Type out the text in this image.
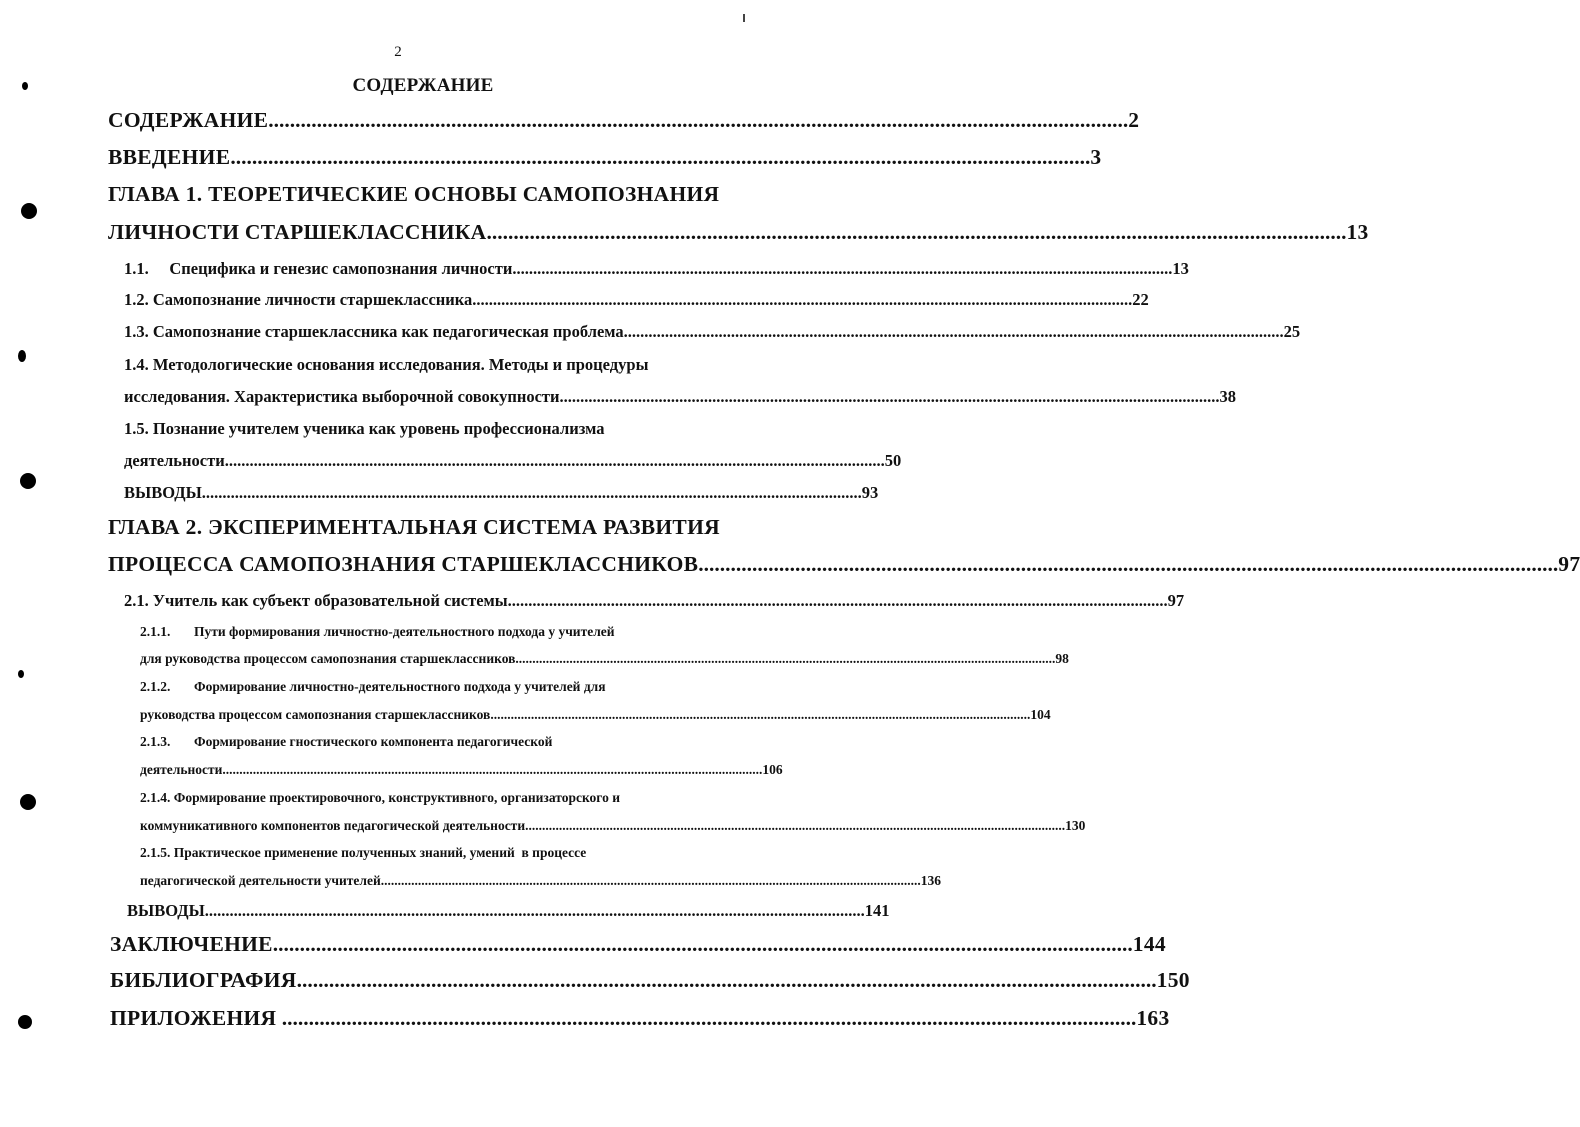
2
СОДЕРЖАНИЕ
СОДЕРЖАНИЕ ................................................................................................................................................................ 2
ВВЕДЕНИЕ ................................................................................................................................................................ 3
ГЛАВА 1. ТЕОРЕТИЧЕСКИЕ ОСНОВЫ САМОПОЗНАНИЯ
ЛИЧНОСТИ СТАРШЕКЛАССНИКА ................................................................................................................................................................ 13
1.1.     Специфика и генезис самопознания личности ................................................................................................................................................................ 13
1.2. Самопознание личности старшеклассника ................................................................................................................................................................ 22
1.3. Самопознание старшеклассника как педагогическая проблема ................................................................................................................................................................ 25
1.4. Методологические основания исследования. Методы и процедуры
исследования. Характеристика выборочной совокупности ................................................................................................................................................................ 38
1.5. Познание учителем ученика как уровень профессионализма
деятельности ................................................................................................................................................................ 50
ВЫВОДЫ ................................................................................................................................................................ 93
ГЛАВА 2. ЭКСПЕРИМЕНТАЛЬНАЯ СИСТЕМА РАЗВИТИЯ
ПРОЦЕССА САМОПОЗНАНИЯ СТАРШЕКЛАССНИКОВ ................................................................................................................................................................ 97
2.1. Учитель как субъект образовательной системы ................................................................................................................................................................ 97
2.1.1.       Пути формирования личностно-деятельностного подхода у учителей
для руководства процессом самопознания старшеклассников ................................................................................................................................................................ 98
2.1.2.       Формирование личностно-деятельностного подхода у учителей для
руководства процессом самопознания старшеклассников ................................................................................................................................................................ 104
2.1.3.       Формирование гностического компонента педагогической
деятельности ................................................................................................................................................................ 106
2.1.4. Формирование проектировочного, конструктивного, организаторского и
коммуникативного компонентов педагогической деятельности ................................................................................................................................................................ 130
2.1.5. Практическое применение полученных знаний, умений  в процессе
педагогической деятельности учителей ................................................................................................................................................................ 136
ВЫВОДЫ ................................................................................................................................................................ 141
ЗАКЛЮЧЕНИЕ ................................................................................................................................................................ 144
БИБЛИОГРАФИЯ ................................................................................................................................................................ 150
ПРИЛОЖЕНИЯ ............................................................................................................................................................... 163
